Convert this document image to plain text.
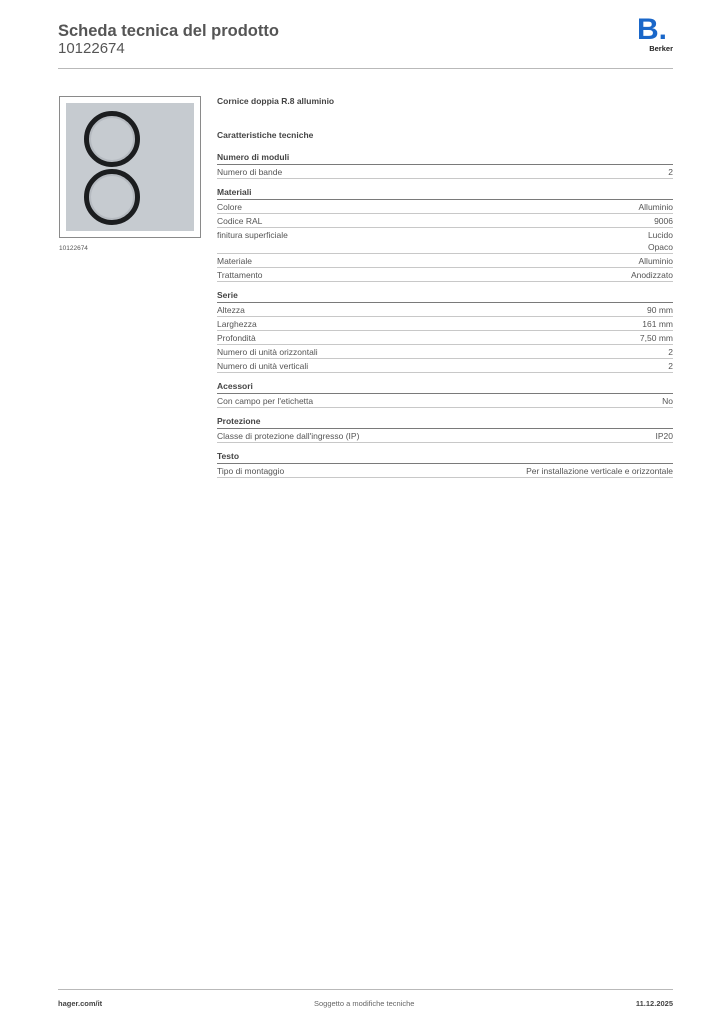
Scheda tecnica del prodotto
10122674
B.
Berker
10122674
Cornice doppia R.8 alluminio
Caratteristiche tecniche
Numero di moduli
Numero di bande	2
Materiali
Colore	Alluminio
Codice RAL	9006
finitura superficiale	Lucido
Opaco
Materiale	Alluminio
Trattamento	Anodizzato
Serie
Altezza	90 mm
Larghezza	161 mm
Profondità	7,50 mm
Numero di unità orizzontali	2
Numero di unità verticali	2
Acessori
Con campo per l'etichetta	No
Protezione
Classe di protezione dall'ingresso (IP)	IP20
Testo
Tipo di montaggio	Per installazione verticale e orizzontale
hager.com/it	Soggetto a modifiche tecniche	11.12.2025
